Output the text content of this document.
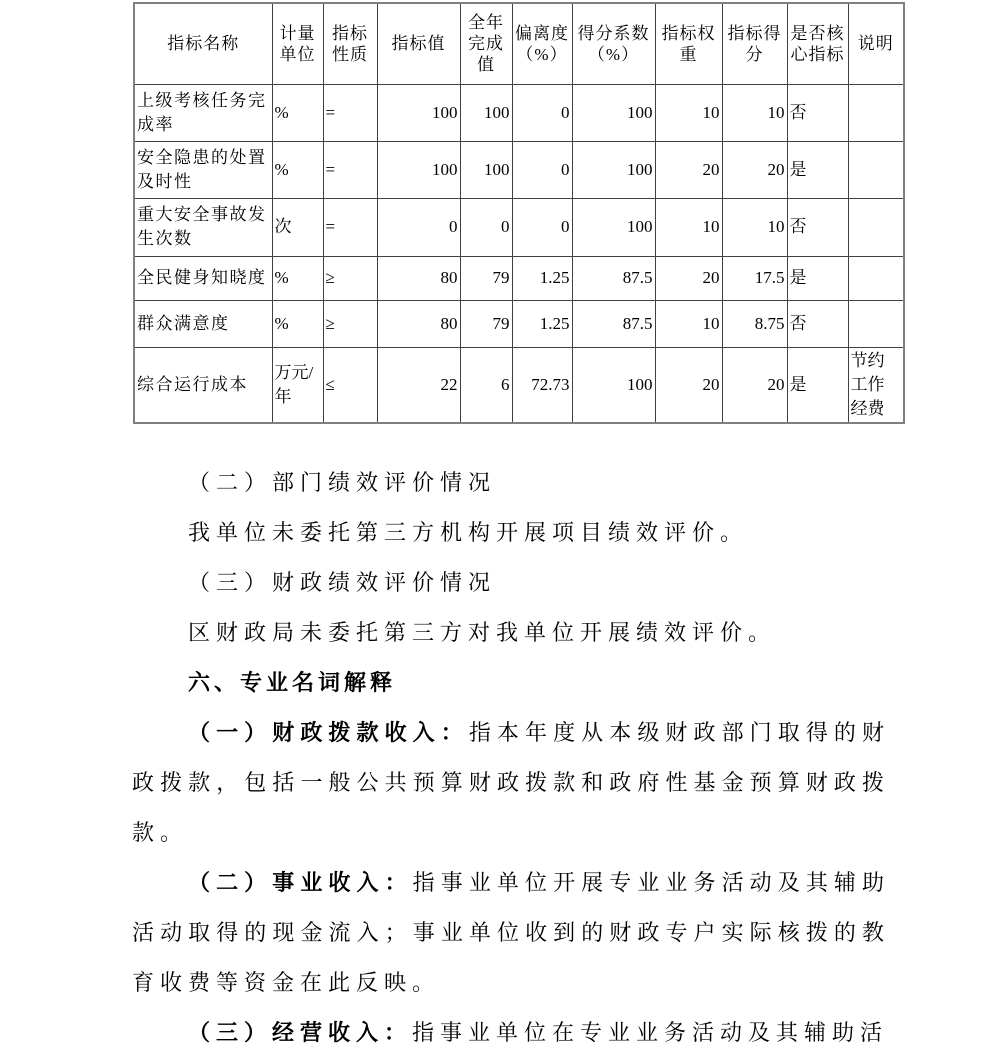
指标名称	计量单位	指标性质	指标值	全年完成值	偏离度（%）	得分系数（%）	指标权重	指标得分	是否核心指标	说明
上级考核任务完成率	%	=	100	100	0	100	10	10	否	
安全隐患的处置及时性	%	=	100	100	0	100	20	20	是	
重大安全事故发生次数	次	=	0	0	0	100	10	10	否	
全民健身知晓度	%	≥	80	79	1.25	87.5	20	17.5	是	
群众满意度	%	≥	80	79	1.25	87.5	10	8.75	否	
综合运行成本	万元/年	≤	22	6	72.73	100	20	20	是	节约工作经费

（二）部门绩效评价情况

我单位未委托第三方机构开展项目绩效评价。

（三）财政绩效评价情况

区财政局未委托第三方对我单位开展绩效评价。

六、专业名词解释

（一）财政拨款收入：指本年度从本级财政部门取得的财政拨款，包括一般公共预算财政拨款和政府性基金预算财政拨款。

（二）事业收入：指事业单位开展专业业务活动及其辅助活动取得的现金流入；事业单位收到的财政专户实际核拨的教育收费等资金在此反映。

（三）经营收入：指事业单位在专业业务活动及其辅助活
